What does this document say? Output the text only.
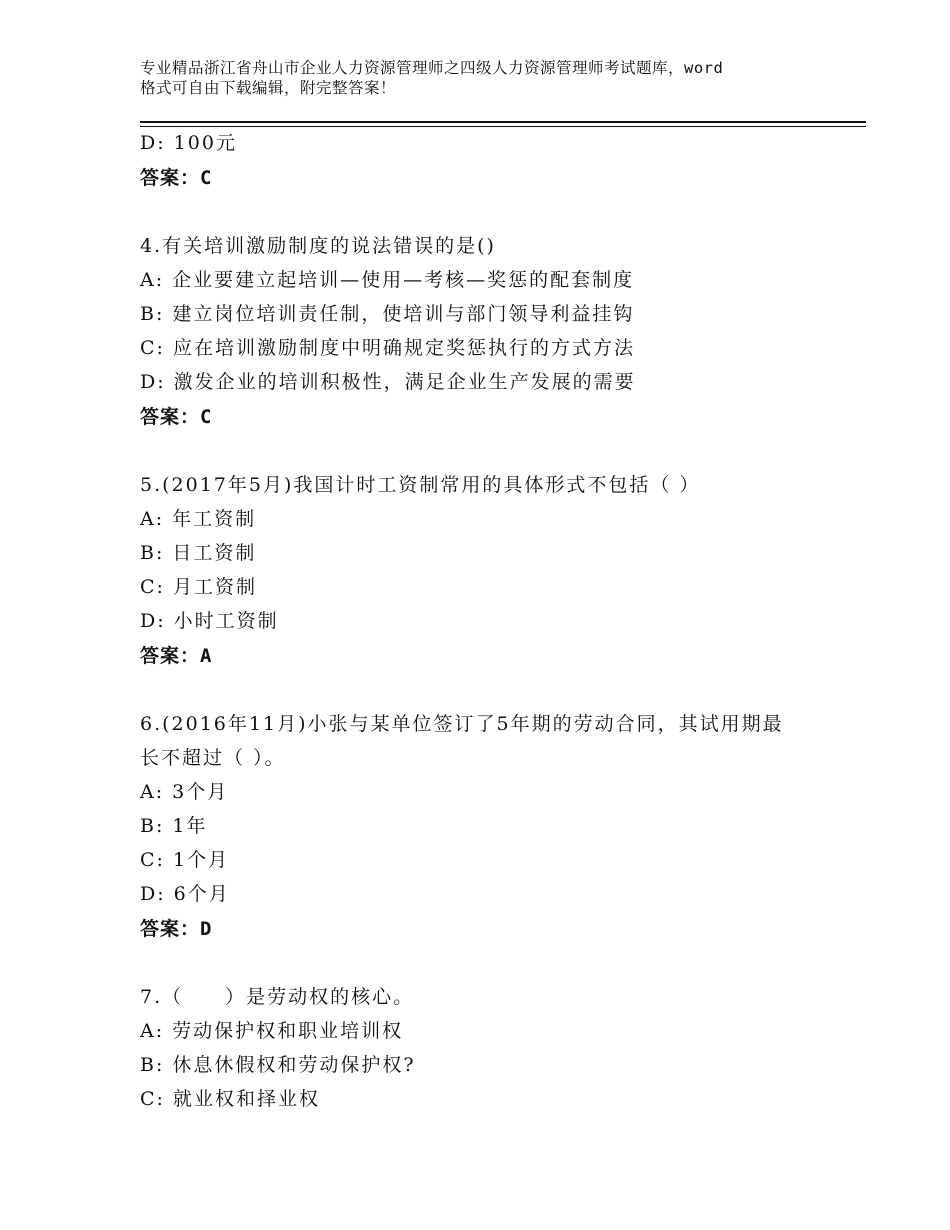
专业精品浙江省舟山市企业人力资源管理师之四级人力资源管理师考试题库，word
格式可自由下载编辑，附完整答案！
D: 100元
答案：C
4.有关培训激励制度的说法错误的是()
A: 企业要建立起培训—使用—考核—奖惩的配套制度
B: 建立岗位培训责任制，使培训与部门领导利益挂钩
C: 应在培训激励制度中明确规定奖惩执行的方式方法
D: 激发企业的培训积极性，满足企业生产发展的需要
答案：C
5.(2017年5月)我国计时工资制常用的具体形式不包括（ ）
A: 年工资制
B: 日工资制
C: 月工资制
D: 小时工资制
答案：A
6.(2016年11月)小张与某单位签订了5年期的劳动合同，其试用期最
长不超过（ ）。
A: 3个月
B: 1年
C: 1个月
D: 6个月
答案：D
7.（　　）是劳动权的核心。
A: 劳动保护权和职业培训权
B: 休息休假权和劳动保护权?
C: 就业权和择业权
